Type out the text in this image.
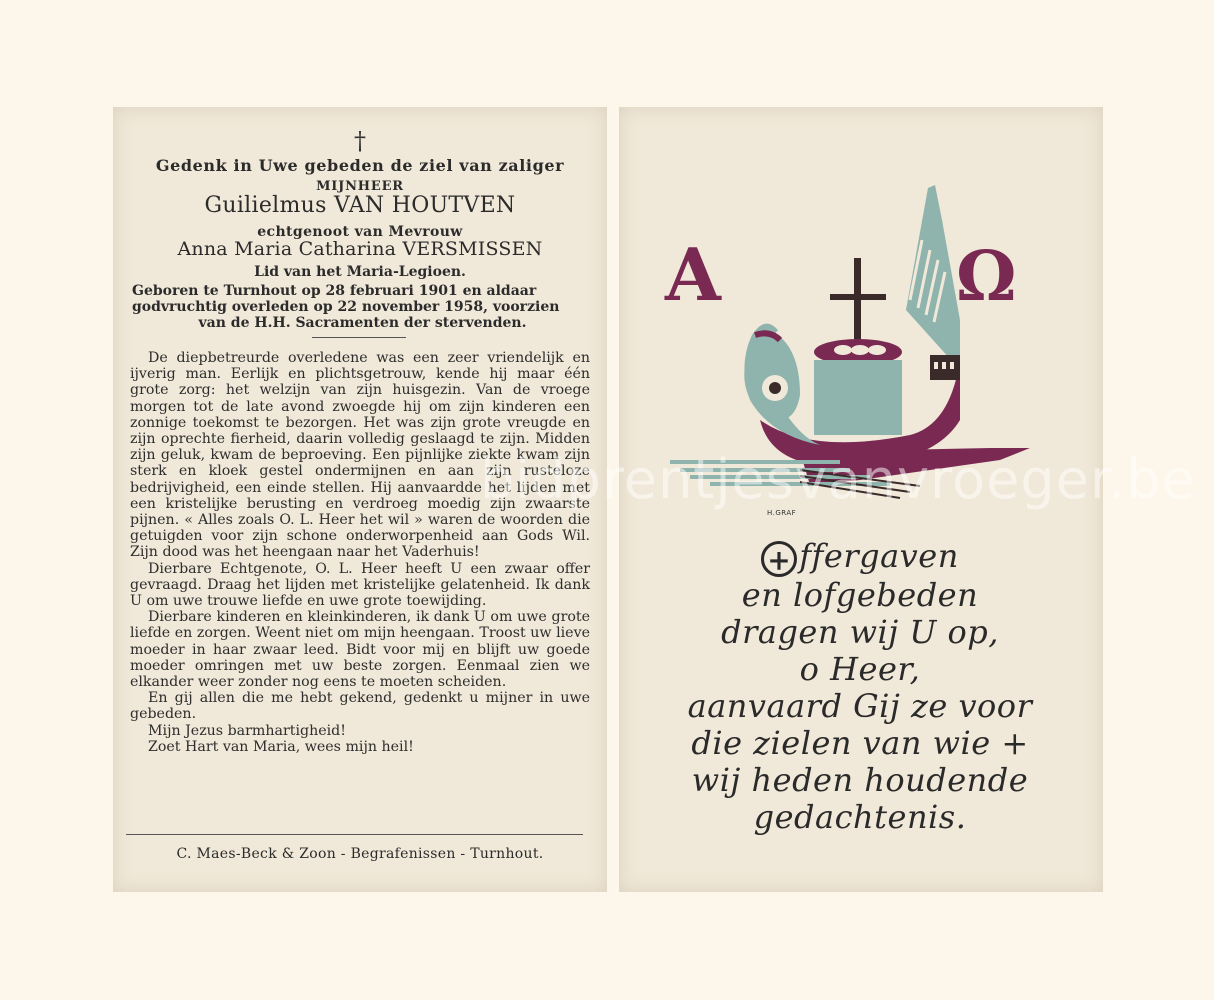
†
Gedenk in Uwe gebeden de ziel van zaliger
MIJNHEER
Guilielmus VAN HOUTVEN
echtgenoot van Mevrouw
Anna Maria Catharina VERSMISSEN
Lid van het Maria-Legioen.
Geboren te Turnhout op 28 februari 1901 en aldaar
godvruchtig overleden op 22 november 1958, voorzien
van de H.H. Sacramenten der stervenden.

De diepbetreurde overledene was een zeer vriendelijk en ijverig man. Eerlijk en plichtsgetrouw, kende hij maar één grote zorg: het welzijn van zijn huisgezin. Van de vroege morgen tot de late avond zwoegde hij om zijn kinderen een zonnige toekomst te bezorgen. Het was zijn grote vreugde en zijn oprechte fierheid, daarin volledig geslaagd te zijn. Midden zijn geluk, kwam de beproeving. Een pijnlijke ziekte kwam zijn sterk en kloek gestel ondermijnen en aan zijn rusteloze bedrijvigheid, een einde stellen. Hij aanvaardde het lijden met een kristelijke berusting en verdroeg moedig zijn zwaarste pijnen. « Alles zoals O. L. Heer het wil » waren de woorden die getuigden voor zijn schone onderworpenheid aan Gods Wil. Zijn dood was het heengaan naar het Vaderhuis!

Dierbare Echtgenote, O. L. Heer heeft U een zwaar offer gevraagd. Draag het lijden met kristelijke gelatenheid. Ik dank U om uwe trouwe liefde en uwe grote toewijding.

Dierbare kinderen en kleinkinderen, ik dank U om uwe grote liefde en zorgen. Weent niet om mijn heengaan. Troost uw lieve moeder in haar zwaar leed. Bidt voor mij en blijft uw goede moeder omringen met uw beste zorgen. Eenmaal zien we elkander weer zonder nog eens te moeten scheiden.

En gij allen die me hebt gekend, gedenkt u mijner in uwe gebeden.

Mijn Jezus barmhartigheid!

Zoet Hart van Maria, wees mijn heil!

C. Maes-Beck & Zoon - Begrafenissen - Turnhout.
A	Ω
H.GRAF
+ ffergaven
en lofgebeden
dragen wij U op,
o Heer,
aanvaard Gij ze voor
die zielen van wie +
wij heden houdende
gedachtenis.
bidprentjesvanvroeger.be
